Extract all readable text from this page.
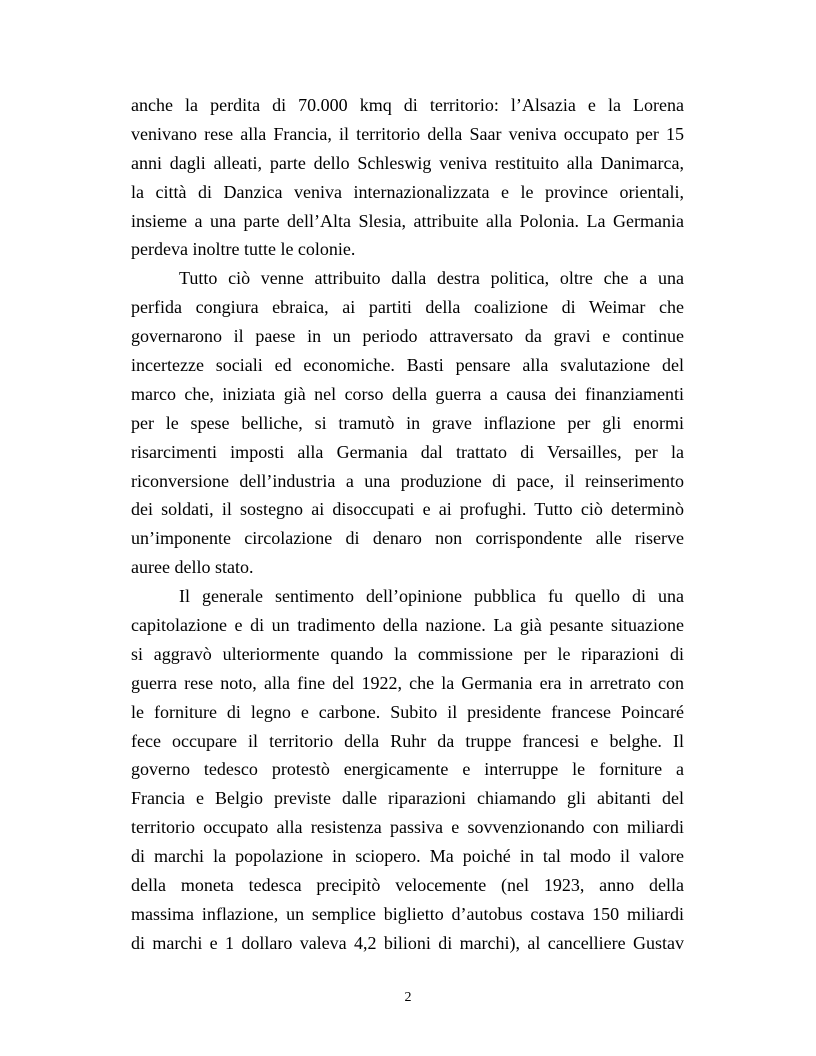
anche la perdita di 70.000 kmq di territorio: l’Alsazia e la Lorena
venivano rese alla Francia, il territorio della Saar veniva occupato per 15
anni dagli alleati, parte dello Schleswig veniva restituito alla Danimarca,
la città di Danzica veniva internazionalizzata e le province orientali,
insieme a una parte dell’Alta Slesia, attribuite alla Polonia. La Germania
perdeva inoltre tutte le colonie.
Tutto ciò venne attribuito dalla destra politica, oltre che a una
perfida congiura ebraica, ai partiti della coalizione di Weimar che
governarono il paese in un periodo attraversato da gravi e continue
incertezze sociali ed economiche. Basti pensare alla svalutazione del
marco che, iniziata già nel corso della guerra a causa dei finanziamenti
per le spese belliche, si tramutò in grave inflazione per gli enormi
risarcimenti imposti alla Germania dal trattato di Versailles, per la
riconversione dell’industria a una produzione di pace, il reinserimento
dei soldati, il sostegno ai disoccupati e ai profughi. Tutto ciò determinò
un’imponente circolazione di denaro non corrispondente alle riserve
auree dello stato.
Il generale sentimento dell’opinione pubblica fu quello di una
capitolazione e di un tradimento della nazione. La già pesante situazione
si aggravò ulteriormente quando la commissione per le riparazioni di
guerra rese noto, alla fine del 1922, che la Germania era in arretrato con
le forniture di legno e carbone. Subito il presidente francese Poincaré
fece occupare il territorio della Ruhr da truppe francesi e belghe. Il
governo tedesco protestò energicamente e interruppe le forniture a
Francia e Belgio previste dalle riparazioni chiamando gli abitanti del
territorio occupato alla resistenza passiva e sovvenzionando con miliardi
di marchi la popolazione in sciopero. Ma poiché in tal modo il valore
della moneta tedesca precipitò velocemente (nel 1923, anno della
massima inflazione, un semplice biglietto d’autobus costava 150 miliardi
di marchi e 1 dollaro valeva 4,2 bilioni di marchi), al cancelliere Gustav
2
